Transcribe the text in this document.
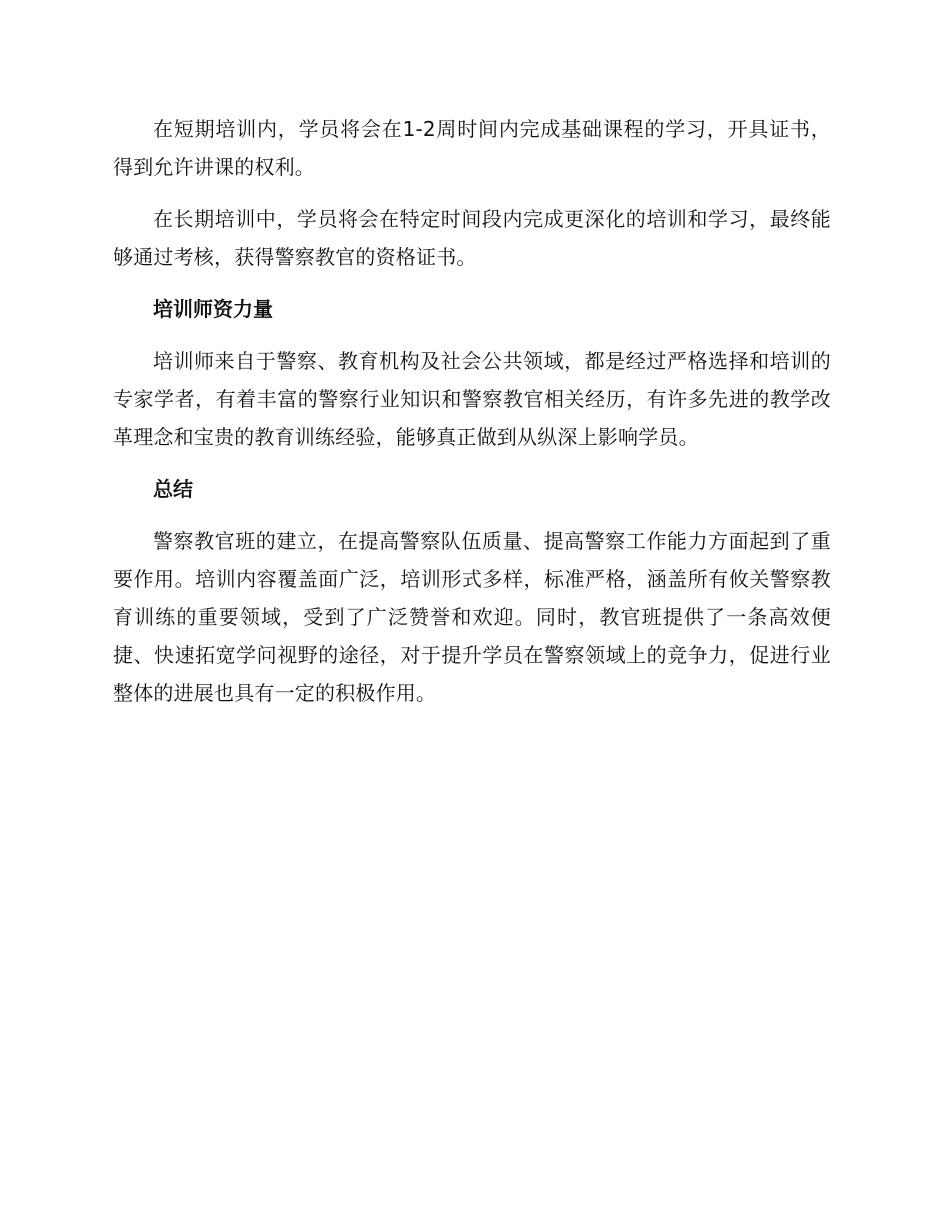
在短期培训内，学员将会在1-2周时间内完成基础课程的学习，开具证书，得到允许讲课的权利。

在长期培训中，学员将会在特定时间段内完成更深化的培训和学习，最终能够通过考核，获得警察教官的资格证书。

培训师资力量

培训师来自于警察、教育机构及社会公共领域，都是经过严格选择和培训的专家学者，有着丰富的警察行业知识和警察教官相关经历，有许多先进的教学改革理念和宝贵的教育训练经验，能够真正做到从纵深上影响学员。

总结

警察教官班的建立，在提高警察队伍质量、提高警察工作能力方面起到了重要作用。培训内容覆盖面广泛，培训形式多样，标准严格，涵盖所有攸关警察教育训练的重要领域，受到了广泛赞誉和欢迎。同时，教官班提供了一条高效便捷、快速拓宽学问视野的途径，对于提升学员在警察领域上的竞争力，促进行业整体的进展也具有一定的积极作用。
